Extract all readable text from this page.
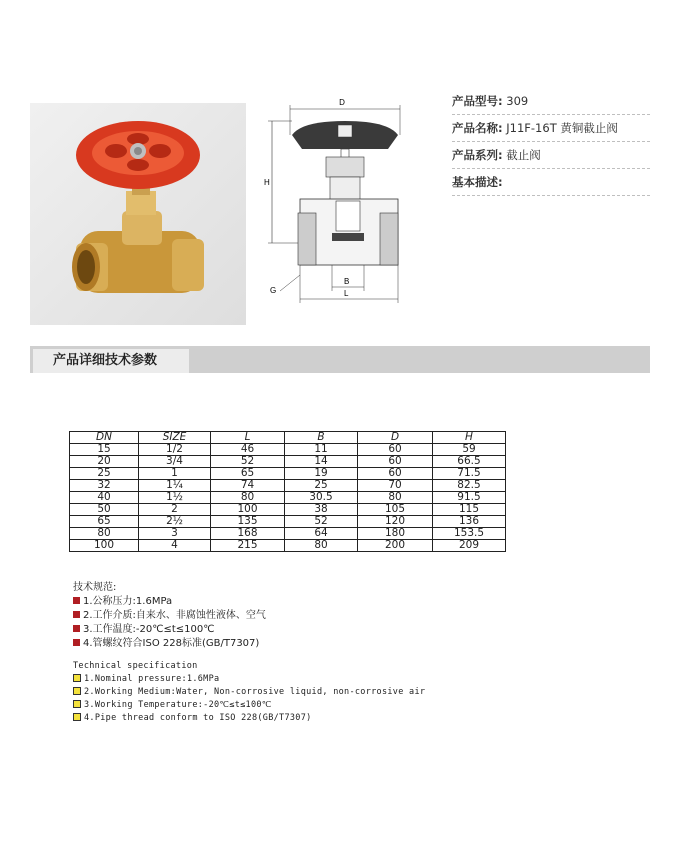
D
H
G
B
L
产品型号: 309
产品名称: J11F-16T 黄铜截止阀
产品系列: 截止阀
基本描述:
产品详细技术参数
DN	SIZE	L	B	D	H
15	1/2	46	11	60	59
20	3/4	52	14	60	66.5
25	1	65	19	60	71.5
32	1¼	74	25	70	82.5
40	1½	80	30.5	80	91.5
50	2	100	38	105	115
65	2½	135	52	120	136
80	3	168	64	180	153.5
100	4	215	80	200	209
技术规范:
1.公称压力:1.6MPa
2.工作介质:自来水、非腐蚀性液体、空气
3.工作温度:-20℃≤t≤100℃
4.管螺纹符合ISO 228标准(GB/T7307)
Technical specification
1.Nominal pressure:1.6MPa
2.Working Medium:Water, Non-corrosive liquid, non-corrosive air
3.Working Temperature:-20℃≤t≤100℃
4.Pipe thread conform to ISO 228(GB/T7307)
